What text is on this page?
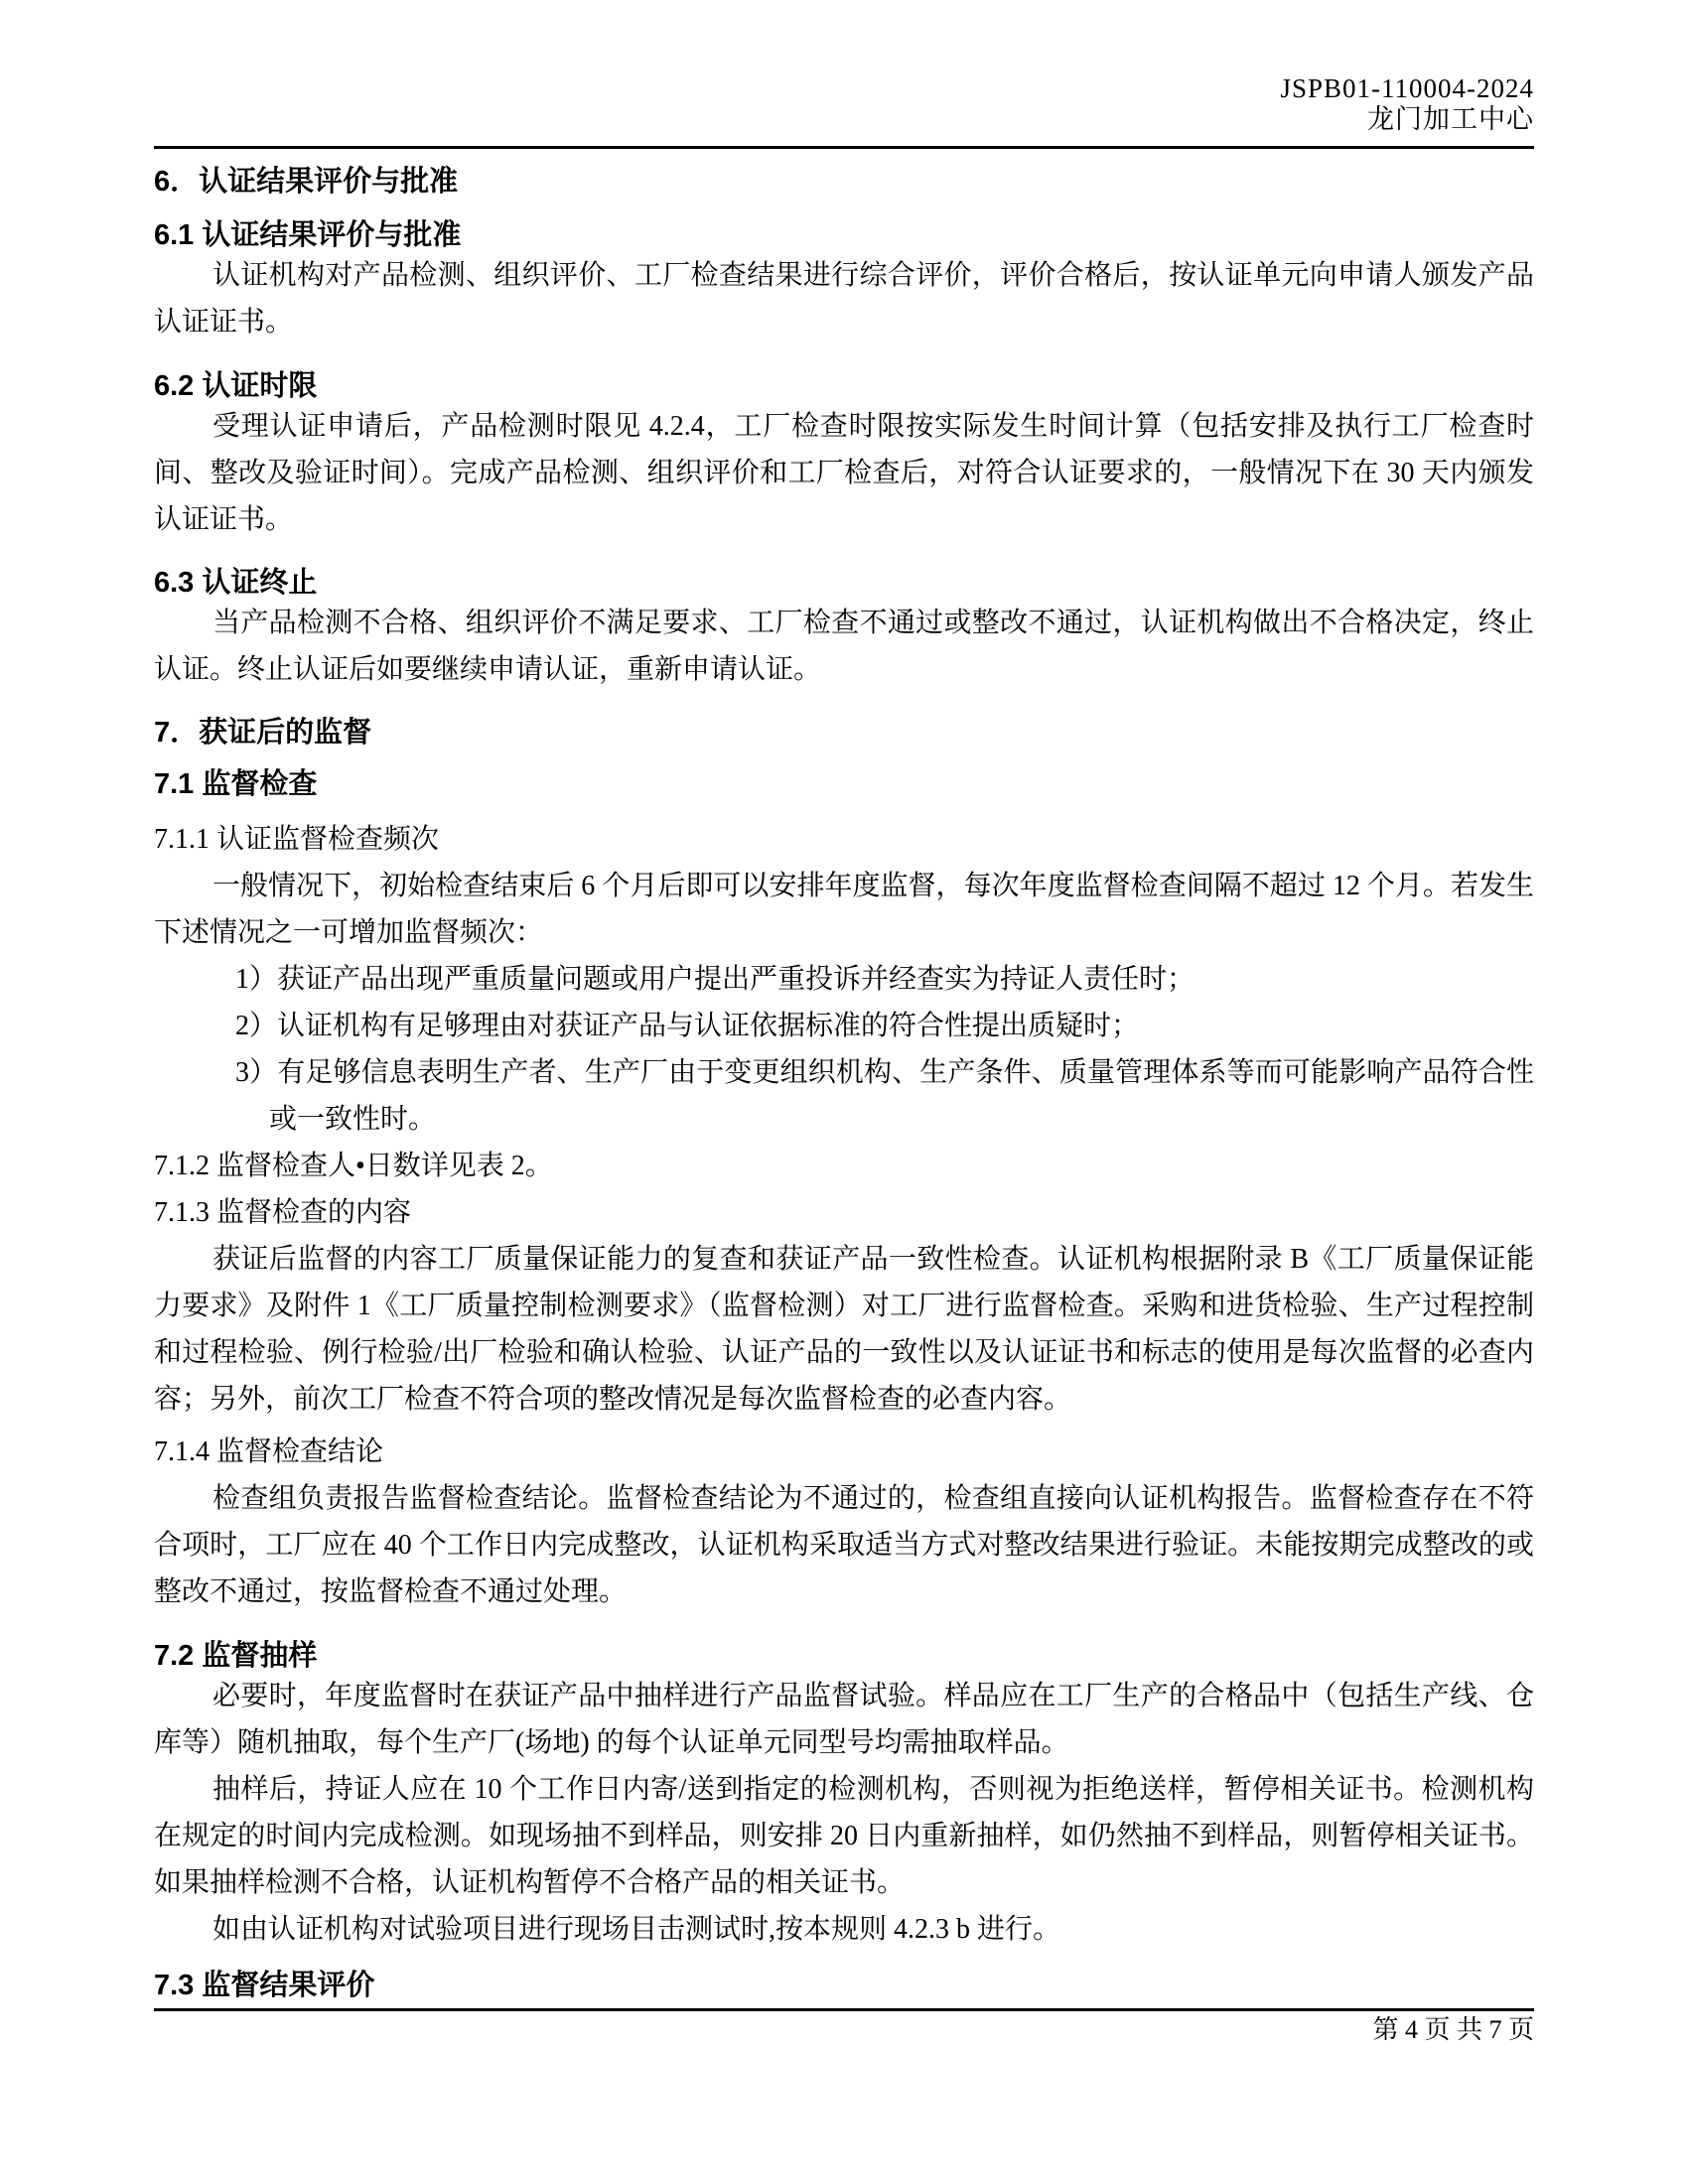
JSPB01-110004-2024
龙门加工中心
6．认证结果评价与批准
6.1 认证结果评价与批准

认证机构对产品检测、组织评价、工厂检查结果进行综合评价，评价合格后，按认证单元向申请人颁发产品认证证书。

6.2 认证时限

受理认证申请后，产品检测时限见 4.2.4，工厂检查时限按实际发生时间计算（包括安排及执行工厂检查时间、整改及验证时间）。完成产品检测、组织评价和工厂检查后，对符合认证要求的，一般情况下在 30 天内颁发认证证书。

6.3 认证终止

当产品检测不合格、组织评价不满足要求、工厂检查不通过或整改不通过，认证机构做出不合格决定，终止认证。终止认证后如要继续申请认证，重新申请认证。

7．获证后的监督
7.1 监督检查
7.1.1 认证监督检查频次

一般情况下，初始检查结束后 6 个月后即可以安排年度监督，每次年度监督检查间隔不超过 12 个月。若发生下述情况之一可增加监督频次：

1）获证产品出现严重质量问题或用户提出严重投诉并经查实为持证人责任时；
2）认证机构有足够理由对获证产品与认证依据标准的符合性提出质疑时；
3）有足够信息表明生产者、生产厂由于变更组织机构、生产条件、质量管理体系等而可能影响产品符合性或一致性时。
7.1.2 监督检查人•日数详见表 2。
7.1.3 监督检查的内容

获证后监督的内容工厂质量保证能力的复查和获证产品一致性检查。认证机构根据附录 B《工厂质量保证能力要求》及附件 1《工厂质量控制检测要求》（监督检测）对工厂进行监督检查。采购和进货检验、生产过程控制和过程检验、例行检验/出厂检验和确认检验、认证产品的一致性以及认证证书和标志的使用是每次监督的必查内容；另外，前次工厂检查不符合项的整改情况是每次监督检查的必查内容。

7.1.4 监督检查结论

检查组负责报告监督检查结论。监督检查结论为不通过的，检查组直接向认证机构报告。监督检查存在不符合项时，工厂应在 40 个工作日内完成整改，认证机构采取适当方式对整改结果进行验证。未能按期完成整改的或整改不通过，按监督检查不通过处理。

7.2 监督抽样

必要时，年度监督时在获证产品中抽样进行产品监督试验。样品应在工厂生产的合格品中（包括生产线、仓库等）随机抽取，每个生产厂(场地) 的每个认证单元同型号均需抽取样品。

抽样后，持证人应在 10 个工作日内寄/送到指定的检测机构，否则视为拒绝送样，暂停相关证书。检测机构在规定的时间内完成检测。如现场抽不到样品，则安排 20 日内重新抽样，如仍然抽不到样品，则暂停相关证书。如果抽样检测不合格，认证机构暂停不合格产品的相关证书。

如由认证机构对试验项目进行现场目击测试时,按本规则 4.2.3 b 进行。

7.3 监督结果评价
第 4 页 共 7 页
